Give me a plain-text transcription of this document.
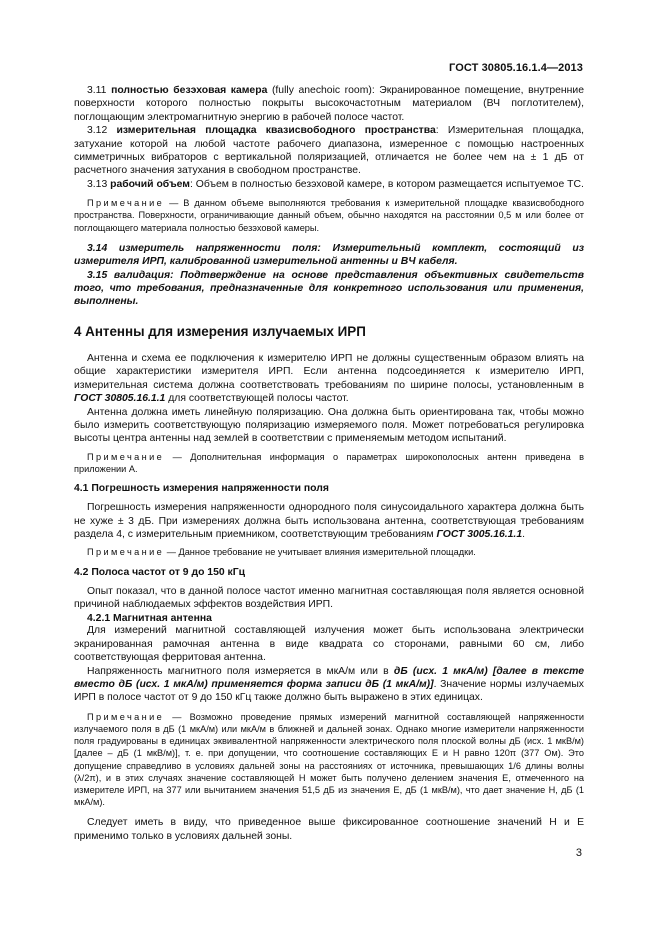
ГОСТ 30805.16.1.4—2013

3.11 полностью безэховая камера (fully anechoic room): Экранированное помещение, внутренние поверхности которого полностью покрыты высокочастотным материалом (ВЧ поглотителем), поглощающим электромагнитную энергию в рабочей полосе частот.

3.12 измерительная площадка квазисвободного пространства: Измерительная площадка, затухание которой на любой частоте рабочего диапазона, измеренное с помощью настроенных симметричных вибраторов с вертикальной поляризацией, отличается не более чем на ± 1 дБ от расчетного значения затухания в свободном пространстве.

3.13 рабочий объем: Объем в полностью безэховой камере, в котором размещается испытуемое ТС.

Примечание — В данном объеме выполняются требования к измерительной площадке квазисвободного пространства. Поверхности, ограничивающие данный объем, обычно находятся на расстоянии 0,5 м или более от поглощающего материала полностью безэховой камеры.

3.14 измеритель напряженности поля: Измерительный комплект, состоящий из измерителя ИРП, калиброванной измерительной антенны и ВЧ кабеля.

3.15 валидация: Подтверждение на основе представления объективных свидетельств того, что требования, предназначенные для конкретного использования или применения, выполнены.

4 Антенны для измерения излучаемых ИРП

Антенна и схема ее подключения к измерителю ИРП не должны существенным образом влиять на общие характеристики измерителя ИРП. Если антенна подсоединяется к измерителю ИРП, измерительная система должна соответствовать требованиям по ширине полосы, установленным в ГОСТ 30805.16.1.1 для соответствующей полосы частот.

Антенна должна иметь линейную поляризацию. Она должна быть ориентирована так, чтобы можно было измерить соответствующую поляризацию измеряемого поля. Может потребоваться регулировка высоты центра антенны над землей в соответствии с применяемым методом испытаний.

Примечание — Дополнительная информация о параметрах широкополосных антенн приведена в приложении А.

4.1 Погрешность измерения напряженности поля

Погрешность измерения напряженности однородного поля синусоидального характера должна быть не хуже ± 3 дБ. При измерениях должна быть использована антенна, соответствующая требованиям раздела 4, с измерительным приемником, соответствующим требованиям ГОСТ 3005.16.1.1.

Примечание — Данное требование не учитывает влияния измерительной площадки.

4.2 Полоса частот от 9 до 150 кГц

Опыт показал, что в данной полосе частот именно магнитная составляющая поля является основной причиной наблюдаемых эффектов воздействия ИРП.

4.2.1 Магнитная антенна

Для измерений магнитной составляющей излучения может быть использована электрически экранированная рамочная антенна в виде квадрата со сторонами, равными 60 см, либо соответствующая ферритовая антенна.

Напряженность магнитного поля измеряется в мкА/м или в дБ (исх. 1 мкА/м) [далее в тексте вместо дБ (исх. 1 мкА/м) применяется форма записи дБ (1 мкА/м)]. Значение нормы излучаемых ИРП в полосе частот от 9 до 150 кГц также должно быть выражено в этих единицах.

Примечание — Возможно проведение прямых измерений магнитной составляющей напряженности излучаемого поля в дБ (1 мкА/м) или мкА/м в ближней и дальней зонах. Однако многие измерители напряженности поля градуированы в единицах эквивалентной напряженности электрического поля плоской волны дБ (исх. 1 мкВ/м) [далее – дБ (1 мкВ/м)], т. е. при допущении, что соотношение составляющих E и H равно 120π (377 Ом). Это допущение справедливо в условиях дальней зоны на расстояниях от источника, превышающих 1/6 длины волны (λ/2π), и в этих случаях значение составляющей H может быть получено делением значения E, отмеченного на измерителе ИРП, на 377 или вычитанием значения 51,5 дБ из значения E, дБ (1 мкВ/м), что дает значение H, дБ (1 мкА/м).

Следует иметь в виду, что приведенное выше фиксированное соотношение значений H и E применимо только в условиях дальней зоны.

3
